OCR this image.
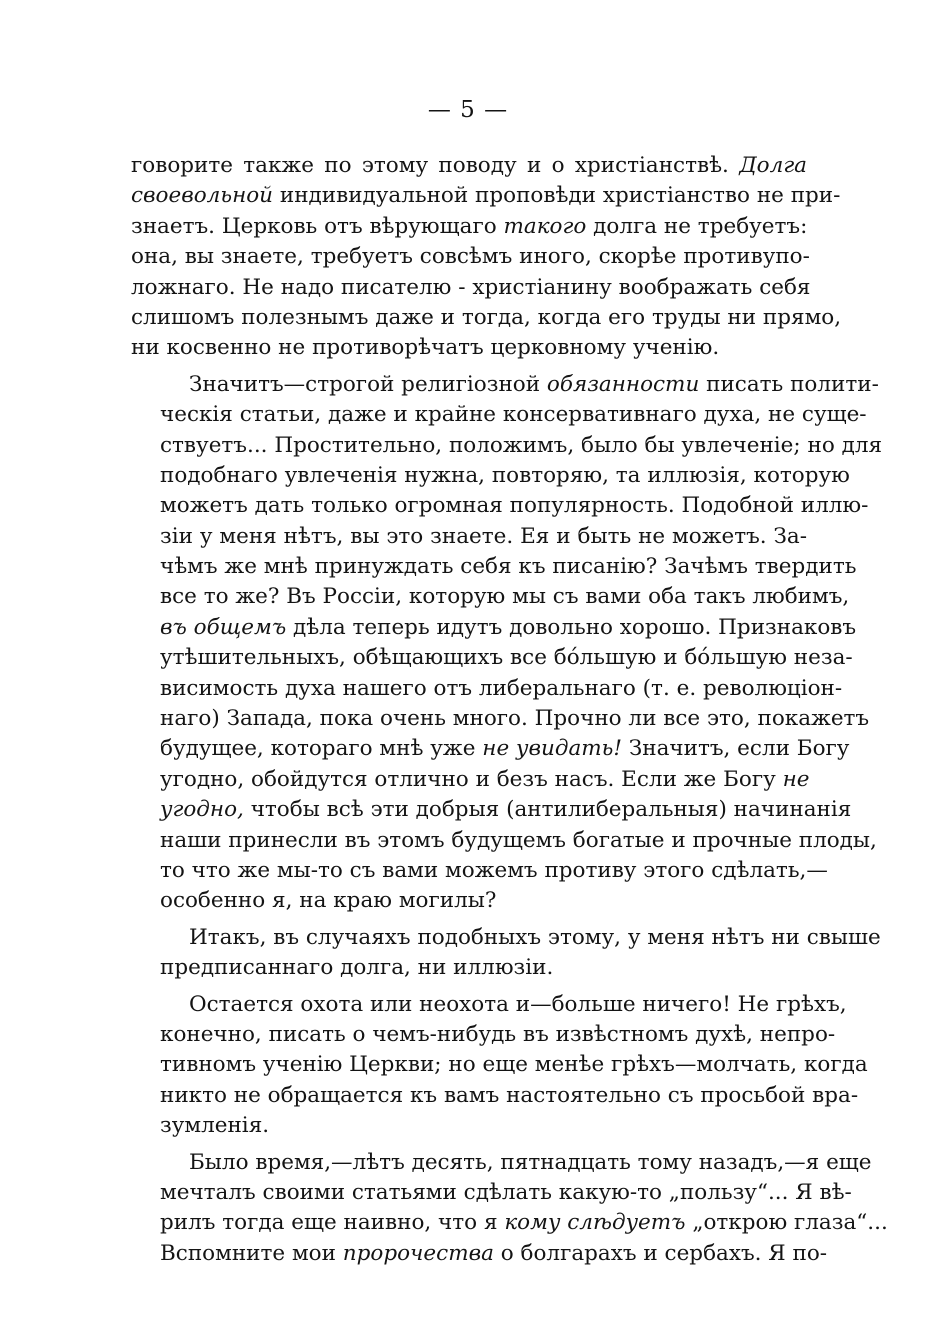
— 5 —
говорите также по этому поводу и о христіанствѣ. Долга
своевольной индивидуальной проповѣди христіанство не при-
знаетъ. Церковь отъ вѣрующаго такого долга не требуетъ:
она, вы знаете, требуетъ совсѣмъ иного, скорѣе противупо-
ложнаго. Не надо писателю - христіанину воображать себя
слишомъ полезнымъ даже и тогда, когда его труды ни прямо,
ни косвенно не противорѣчатъ церковному ученію.
Значитъ—строгой религіозной обязанности писать полити-
ческія статьи, даже и крайне консервативнаго духа, не суще-
ствуетъ... Простительно, положимъ, было бы увлеченіе; но для
подобнаго увлеченія нужна, повторяю, та иллюзія, которую
можетъ дать только огромная популярность. Подобной иллю-
зіи у меня нѣтъ, вы это знаете. Ея и быть не можетъ. За-
чѣмъ же мнѣ принуждать себя къ писанію? Зачѣмъ твердить
все то же? Въ Россіи, которую мы съ вами оба такъ любимъ,
въ общемъ дѣла теперь идутъ довольно хорошо. Признаковъ
утѣшительныхъ, обѣщающихъ все бóльшую и бóльшую неза-
висимость духа нашего отъ либеральнаго (т. е. революціон-
наго) Запада, пока очень много. Прочно ли все это, покажетъ
будущее, котораго мнѣ уже не увидать! Значитъ, если Богу
угодно, обойдутся отлично и безъ насъ. Если же Богу не
угодно, чтобы всѣ эти добрыя (антилиберальныя) начинанія
наши принесли въ этомъ будущемъ богатые и прочные плоды,
то что же мы-то съ вами можемъ противу этого сдѣлать,—
особенно я, на краю могилы?
Итакъ, въ случаяхъ подобныхъ этому, у меня нѣтъ ни свыше
предписаннаго долга, ни иллюзіи.
Остается охота или неохота и—больше ничего! Не грѣхъ,
конечно, писать о чемъ-нибудь въ извѣстномъ духѣ, непро-
тивномъ ученію Церкви; но еще менѣе грѣхъ—молчать, когда
никто не обращается къ вамъ настоятельно съ просьбой вра-
зумленія.
Было время,—лѣтъ десять, пятнадцать тому назадъ,—я еще
мечталъ своими статьями сдѣлать какую-то „пользу“... Я вѣ-
рилъ тогда еще наивно, что я кому слѣдуетъ „открою глаза“...
Вспомните мои пророчества о болгарахъ и сербахъ. Я по-
